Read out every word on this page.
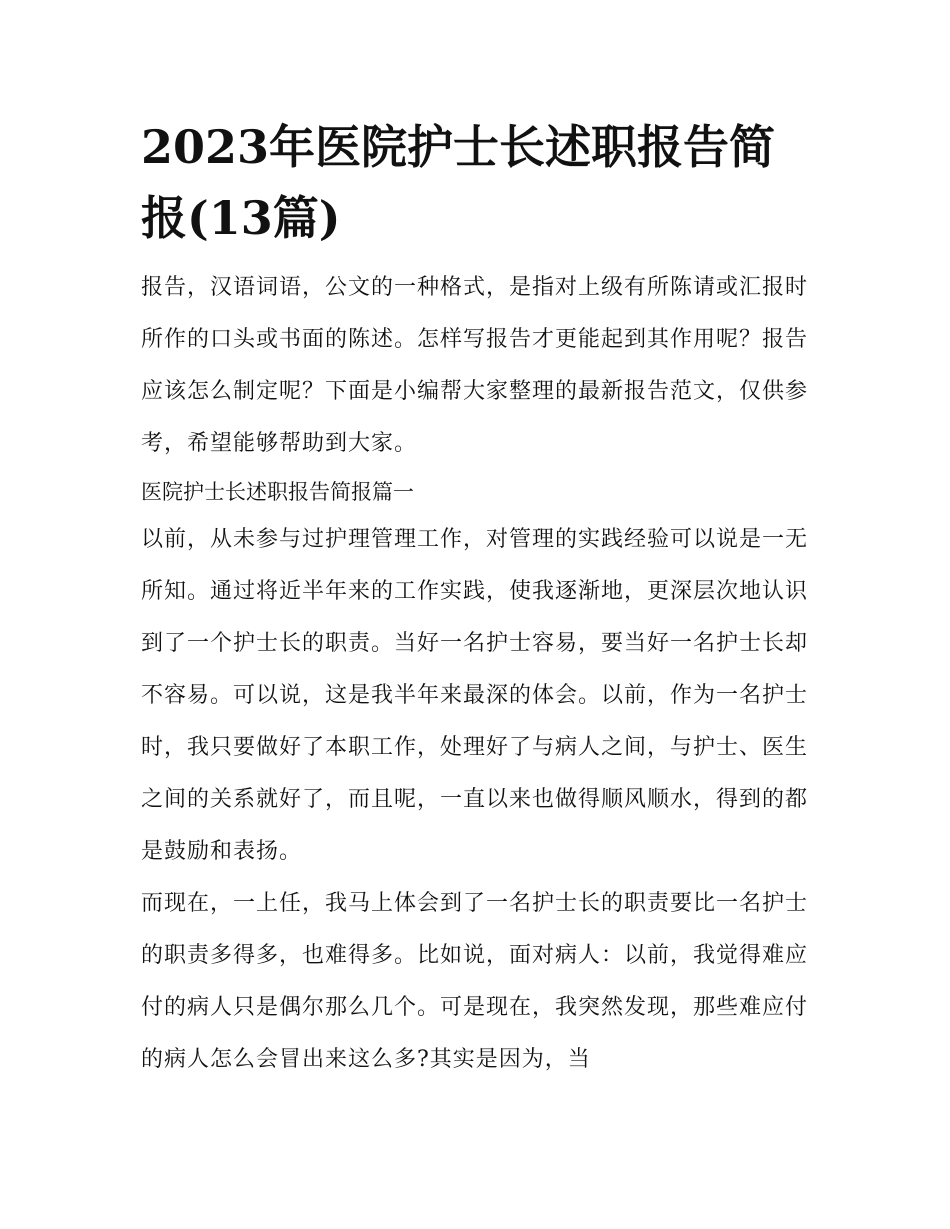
2023年医院护士长述职报告简报(13篇)

报告，汉语词语，公文的一种格式，是指对上级有所陈请或汇报时所作的口头或书面的陈述。怎样写报告才更能起到其作用呢？报告应该怎么制定呢？下面是小编帮大家整理的最新报告范文，仅供参考，希望能够帮助到大家。

医院护士长述职报告简报篇一

以前，从未参与过护理管理工作，对管理的实践经验可以说是一无所知。通过将近半年来的工作实践，使我逐渐地，更深层次地认识到了一个护士长的职责。当好一名护士容易，要当好一名护士长却不容易。可以说，这是我半年来最深的体会。以前，作为一名护士时，我只要做好了本职工作，处理好了与病人之间，与护士、医生之间的关系就好了，而且呢，一直以来也做得顺风顺水，得到的都是鼓励和表扬。

而现在，一上任，我马上体会到了一名护士长的职责要比一名护士的职责多得多，也难得多。比如说，面对病人：以前，我觉得难应付的病人只是偶尔那么几个。可是现在，我突然发现，那些难应付的病人怎么会冒出来这么多?其实是因为，当
